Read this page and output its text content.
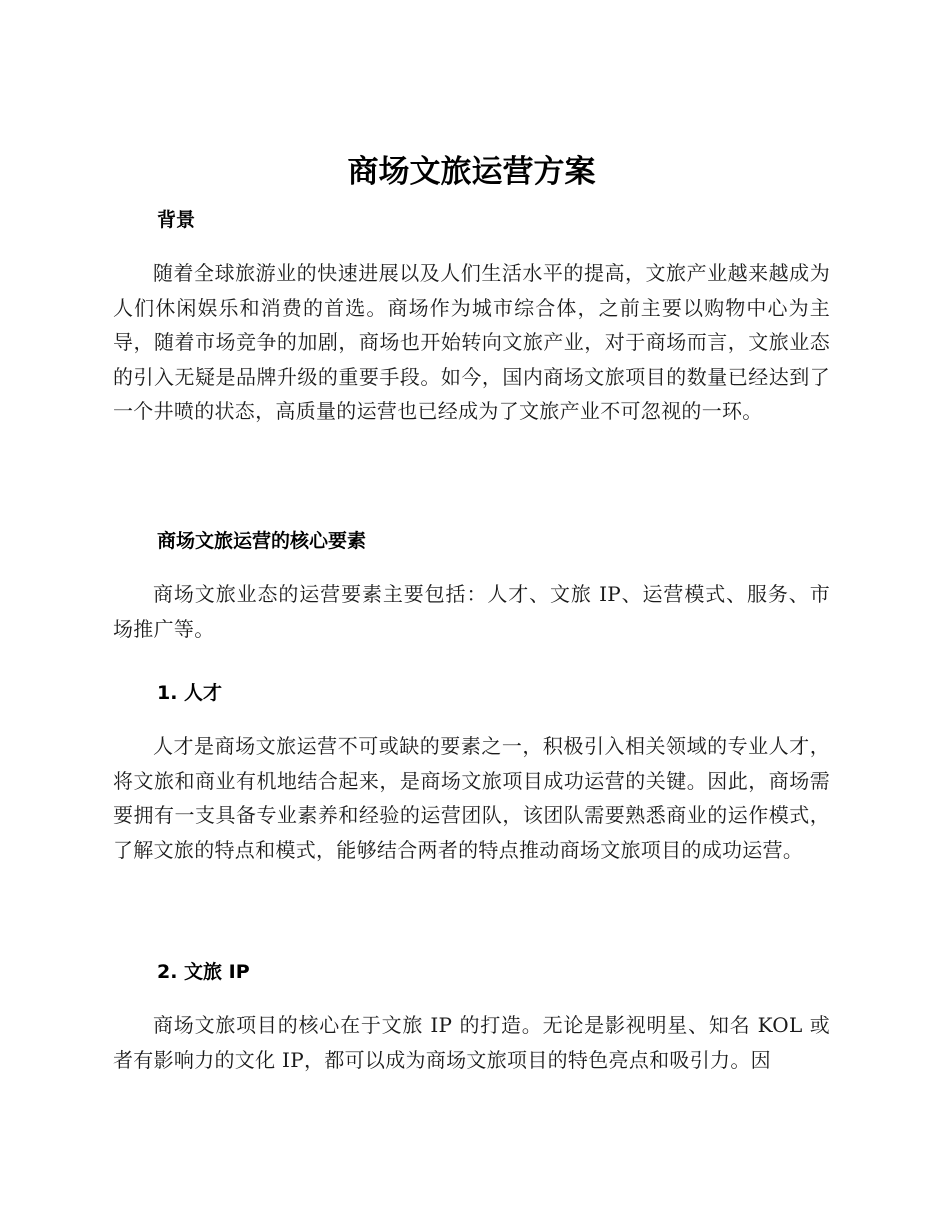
商场文旅运营方案
背景

随着全球旅游业的快速进展以及人们生活水平的提高，文旅产业越来越成为人们休闲娱乐和消费的首选。商场作为城市综合体，之前主要以购物中心为主导，随着市场竞争的加剧，商场也开始转向文旅产业，对于商场而言，文旅业态的引入无疑是品牌升级的重要手段。如今，国内商场文旅项目的数量已经达到了一个井喷的状态，高质量的运营也已经成为了文旅产业不可忽视的一环。

商场文旅运营的核心要素

商场文旅业态的运营要素主要包括：人才、文旅 IP、运营模式、服务、市场推广等。

1. 人才

人才是商场文旅运营不可或缺的要素之一，积极引入相关领域的专业人才，将文旅和商业有机地结合起来，是商场文旅项目成功运营的关键。因此，商场需要拥有一支具备专业素养和经验的运营团队，该团队需要熟悉商业的运作模式，了解文旅的特点和模式，能够结合两者的特点推动商场文旅项目的成功运营。

2. 文旅 IP

商场文旅项目的核心在于文旅 IP 的打造。无论是影视明星、知名 KOL 或者有影响力的文化 IP，都可以成为商场文旅项目的特色亮点和吸引力。因
